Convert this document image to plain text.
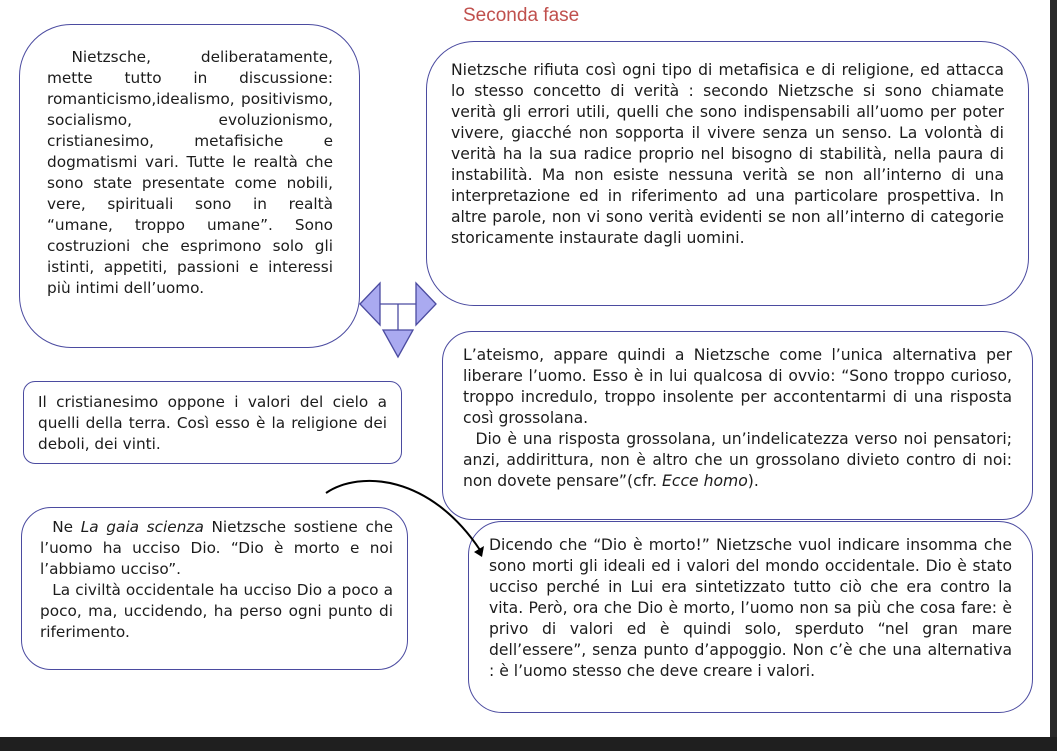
Seconda fase

Nietzsche, deliberatamente, mette tutto in discussione: romanticismo,idealismo, positivismo, socialismo, evoluzionismo, cristianesimo, metafisiche e dogmatismi vari. Tutte le realtà che sono state presentate come nobili, vere, spirituali sono in realtà “umane, troppo umane”. Sono costruzioni che esprimono solo gli istinti, appetiti, passioni e interessi più intimi dell’uomo.

Nietzsche rifiuta così ogni tipo di metafisica e di religione, ed attacca lo stesso concetto di verità : secondo Nietzsche si sono chiamate verità gli errori utili, quelli che sono indispensabili all’uomo per poter vivere, giacché non sopporta il vivere senza un senso. La volontà di verità ha la sua radice proprio nel bisogno di stabilità, nella paura di instabilità. Ma non esiste nessuna verità se non all’interno di una interpretazione ed in riferimento ad una particolare prospettiva. In altre parole, non vi sono verità evidenti se non all’interno di categorie storicamente instaurate dagli uomini.

Il cristianesimo oppone i valori del cielo a quelli della terra. Così esso è la religione dei deboli, dei vinti.

L’ateismo, appare quindi a Nietzsche come l’unica alternativa per liberare l’uomo. Esso è in lui qualcosa di ovvio: “Sono troppo curioso, troppo incredulo, troppo insolente per accontentarmi di una risposta così grossolana.

Dio è una risposta grossolana, un’indelicatezza verso noi pensatori; anzi, addirittura, non è altro che un grossolano divieto contro di noi: non dovete pensare”(cfr. Ecce homo).

Ne La gaia scienza Nietzsche sostiene che l’uomo ha ucciso Dio. “Dio è morto e noi l’abbiamo ucciso”.

La civiltà occidentale ha ucciso Dio a poco a poco, ma, uccidendo, ha perso ogni punto di riferimento.

Dicendo che “Dio è morto!” Nietzsche vuol indicare insomma che sono morti gli ideali ed i valori del mondo occidentale. Dio è stato ucciso perché in Lui era sintetizzato tutto ciò che era contro la vita. Però, ora che Dio è morto, l’uomo non sa più che cosa fare: è privo di valori ed è quindi solo, sperduto “nel gran mare dell’essere”, senza punto d’appoggio. Non c’è che una alternativa : è l’uomo stesso che deve creare i valori.
